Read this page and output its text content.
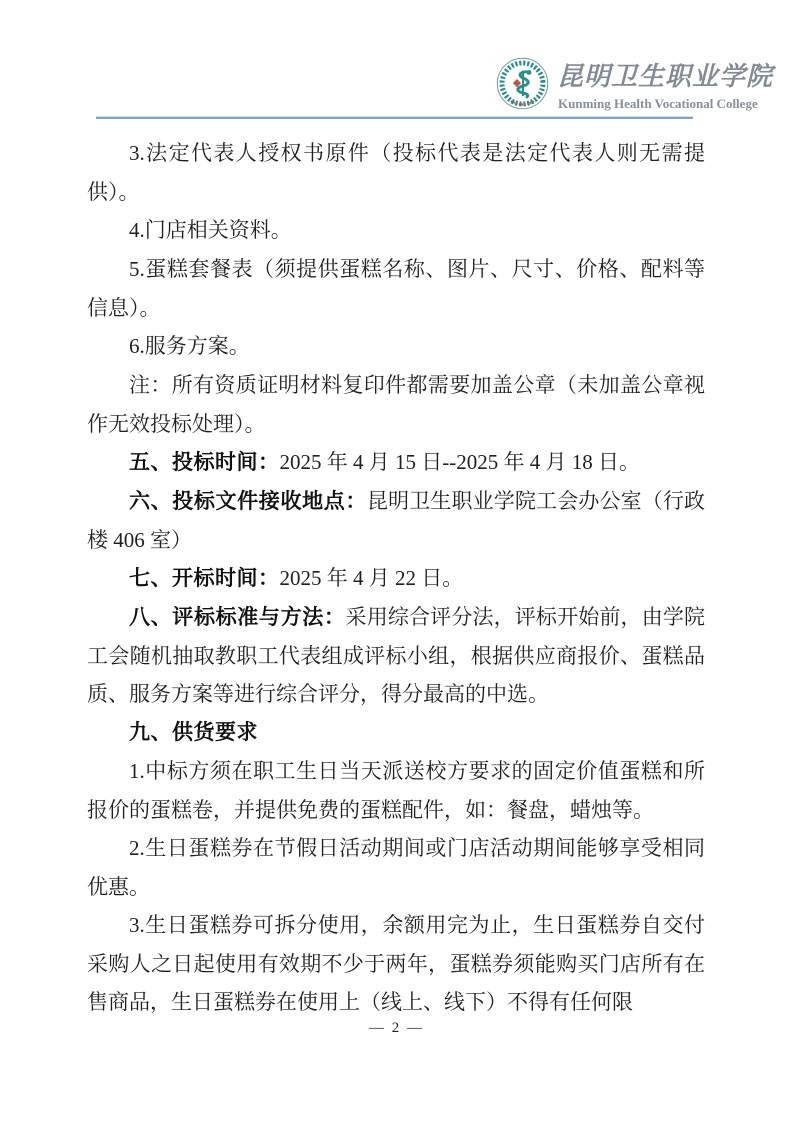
昆明卫生职业学院
Kunming Health Vocational College

3.法定代表人授权书原件（投标代表是法定代表人则无需提供）。

4.门店相关资料。

5.蛋糕套餐表（须提供蛋糕名称、图片、尺寸、价格、配料等信息）。

6.服务方案。

注：所有资质证明材料复印件都需要加盖公章（未加盖公章视作无效投标处理）。

五、投标时间：2025 年 4 月 15 日--2025 年 4 月 18 日。

六、投标文件接收地点：昆明卫生职业学院工会办公室（行政楼 406 室）

七、开标时间：2025 年 4 月 22 日。

八、评标标准与方法：采用综合评分法，评标开始前，由学院工会随机抽取教职工代表组成评标小组，根据供应商报价、蛋糕品质、服务方案等进行综合评分，得分最高的中选。

九、供货要求

1.中标方须在职工生日当天派送校方要求的固定价值蛋糕和所报价的蛋糕卷，并提供免费的蛋糕配件，如：餐盘，蜡烛等。

2.生日蛋糕券在节假日活动期间或门店活动期间能够享受相同优惠。

3.生日蛋糕券可拆分使用，余额用完为止，生日蛋糕券自交付采购人之日起使用有效期不少于两年，蛋糕券须能购买门店所有在售商品，生日蛋糕券在使用上（线上、线下）不得有任何限

— 2 —
